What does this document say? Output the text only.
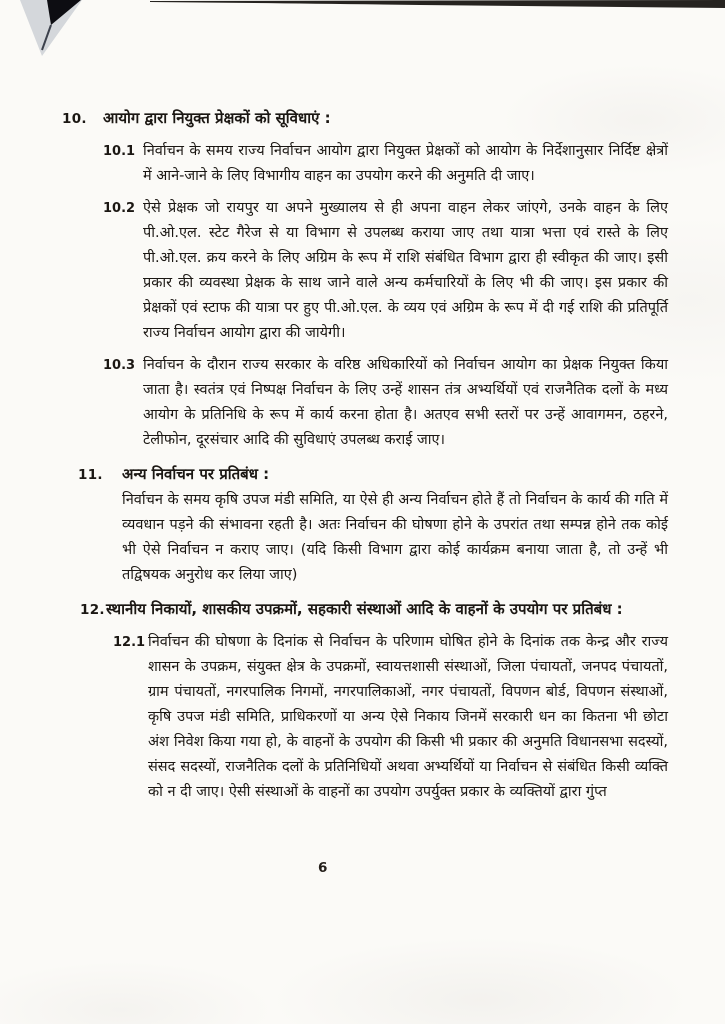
10.	आयोग द्वारा नियुक्त प्रेक्षकों को सूविधाएं :
10.1 निर्वाचन के समय राज्य निर्वाचन आयोग द्वारा नियुक्त प्रेक्षकों को आयोग के निर्देशानुसार निर्दिष्ट क्षेत्रों में आने-जाने के लिए विभागीय वाहन का उपयोग करने की अनुमति दी जाए।

10.2 ऐसे प्रेक्षक जो रायपुर या अपने मुख्यालय से ही अपना वाहन लेकर जांएगे, उनके वाहन के लिए पी.ओ.एल. स्टेट गैरेज से या विभाग से उपलब्ध कराया जाए तथा यात्रा भत्ता एवं रास्ते के लिए पी.ओ.एल. क्रय करने के लिए अग्रिम के रूप में राशि संबंधित विभाग द्वारा ही स्वीकृत की जाए। इसी प्रकार की व्यवस्था प्रेक्षक के साथ जाने वाले अन्य कर्मचारियों के लिए भी की जाए। इस प्रकार की प्रेक्षकों एवं स्टाफ की यात्रा पर हुए पी.ओ.एल. के व्यय एवं अग्रिम के रूप में दी गई राशि की प्रतिपूर्ति राज्य निर्वाचन आयोग द्वारा की जायेगी।

10.3 निर्वाचन के दौरान राज्य सरकार के वरिष्ठ अधिकारियों को निर्वाचन आयोग का प्रेक्षक नियुक्त किया जाता है। स्वतंत्र एवं निष्पक्ष निर्वाचन के लिए उन्हें शासन तंत्र अभ्यर्थियों एवं राजनैतिक दलों के मध्य आयोग के प्रतिनिधि के रूप में कार्य करना होता है। अतएव सभी स्तरों पर उन्हें आवागमन, ठहरने, टेलीफोन, दूरसंचार आदि की सुविधाएं उपलब्ध कराई जाए।

11.	अन्य निर्वाचन पर प्रतिबंध :

निर्वाचन के समय कृषि उपज मंडी समिति, या ऐसे ही अन्य निर्वाचन होते हैं तो निर्वाचन के कार्य की गति में व्यवधान पड़ने की संभावना रहती है। अतः निर्वाचन की घोषणा होने के उपरांत तथा सम्पन्न होने तक कोई भी ऐसे निर्वाचन न कराए जाए। (यदि किसी विभाग द्वारा कोई कार्यक्रम बनाया जाता है, तो उन्हें भी तद्विषयक अनुरोध कर लिया जाए)

12. स्थानीय निकायों, शासकीय उपक्रमों, सहकारी संस्थाओं आदि के वाहनों के उपयोग पर प्रतिबंध :
12.1 निर्वाचन की घोषणा के दिनांक से निर्वाचन के परिणाम घोषित होने के दिनांक तक केन्द्र और राज्य शासन के उपक्रम, संयुक्त क्षेत्र के उपक्रमों, स्वायत्तशासी संस्थाओं, जिला पंचायतों, जनपद पंचायतों, ग्राम पंचायतों, नगरपालिक निगमों, नगरपालिकाओं, नगर पंचायतों, विपणन बोर्ड, विपणन संस्थाओं, कृषि उपज मंडी समिति, प्राधिकरणों या अन्य ऐसे निकाय जिनमें सरकारी धन का कितना भी छोटा अंश निवेश किया गया हो, के वाहनों के उपयोग की किसी भी प्रकार की अनुमति विधानसभा सदस्यों, संसद सदस्यों, राजनैतिक दलों के प्रतिनिधियों अथवा अभ्यर्थियों या निर्वाचन से संबंधित किसी व्यक्ति को न दी जाए। ऐसी संस्थाओं के वाहनों का उपयोग उपर्युक्त प्रकार के व्यक्तियों द्वारा गुंप्त

6
